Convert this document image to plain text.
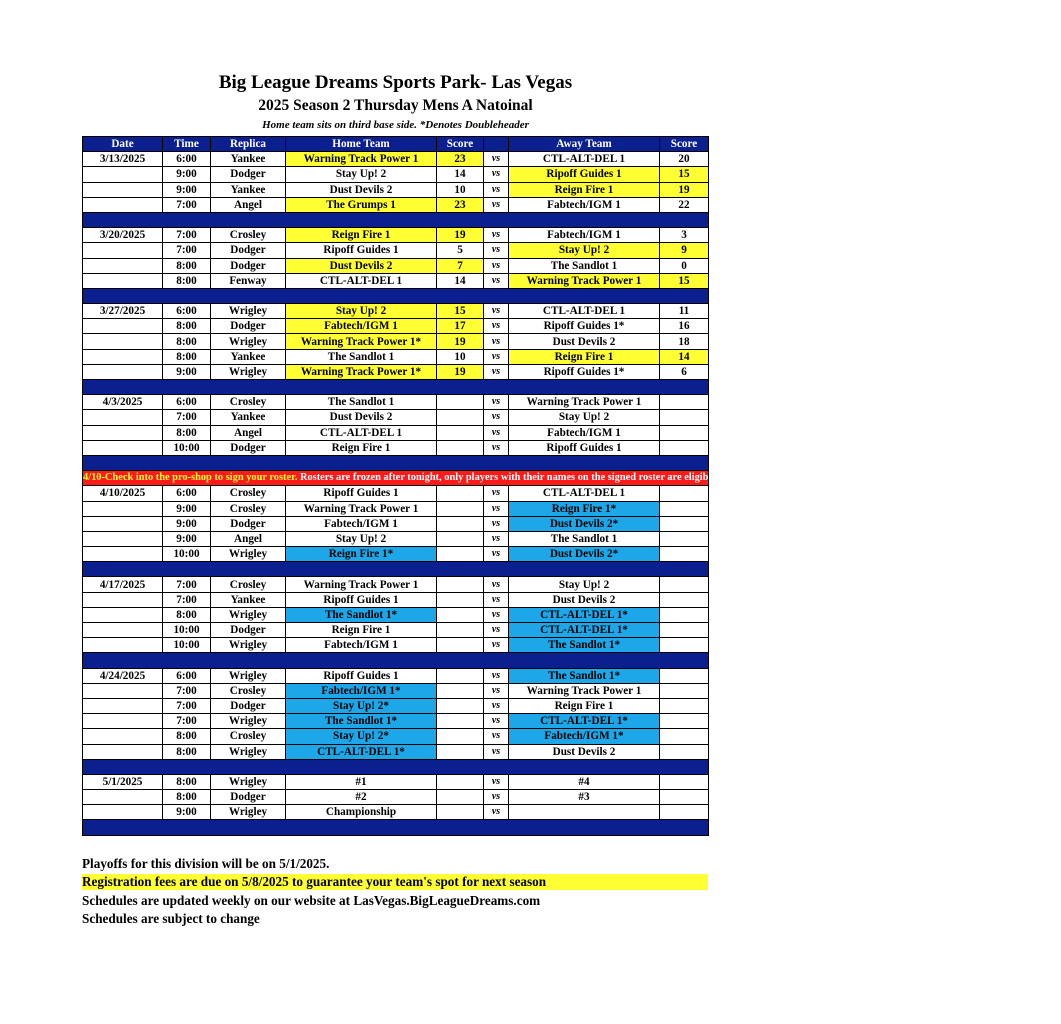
Big League Dreams Sports Park- Las Vegas
2025 Season 2 Thursday Mens A Natoinal
Home team sits on third base side. *Denotes Doubleheader
Date	Time	Replica	Home Team	Score		Away Team	Score
3/13/2025	6:00	Yankee	Warning Track Power 1	23	vs	CTL-ALT-DEL 1	20
	9:00	Dodger	Stay Up! 2	14	vs	Ripoff Guides 1	15
	9:00	Yankee	Dust Devils 2	10	vs	Reign Fire 1	19
	7:00	Angel	The Grumps 1	23	vs	Fabtech/IGM 1	22

3/20/2025	7:00	Crosley	Reign Fire 1	19	vs	Fabtech/IGM 1	3
	7:00	Dodger	Ripoff Guides 1	5	vs	Stay Up! 2	9
	8:00	Dodger	Dust Devils 2	7	vs	The Sandlot 1	0
	8:00	Fenway	CTL-ALT-DEL 1	14	vs	Warning Track Power 1	15

3/27/2025	6:00	Wrigley	Stay Up! 2	15	vs	CTL-ALT-DEL 1	11
	8:00	Dodger	Fabtech/IGM 1	17	vs	Ripoff Guides 1*	16
	8:00	Wrigley	Warning Track Power 1*	19	vs	Dust Devils 2	18
	8:00	Yankee	The Sandlot 1	10	vs	Reign Fire 1	14
	9:00	Wrigley	Warning Track Power 1*	19	vs	Ripoff Guides 1*	6

4/3/2025	6:00	Crosley	The Sandlot 1		vs	Warning Track Power 1	
	7:00	Yankee	Dust Devils 2		vs	Stay Up! 2	
	8:00	Angel	CTL-ALT-DEL 1		vs	Fabtech/IGM 1	
	10:00	Dodger	Reign Fire 1		vs	Ripoff Guides 1	

4/10-Check into the pro-shop to sign your roster. Rosters are frozen after tonight, only players with their names on the signed roster are eligible for playoffs. Please check carefully as changes will not be made for omissions.							
4/10/2025	6:00	Crosley	Ripoff Guides 1		vs	CTL-ALT-DEL 1	
	9:00	Crosley	Warning Track Power 1		vs	Reign Fire 1*	
	9:00	Dodger	Fabtech/IGM 1		vs	Dust Devils 2*	
	9:00	Angel	Stay Up! 2		vs	The Sandlot 1	
	10:00	Wrigley	Reign Fire 1*		vs	Dust Devils 2*	

4/17/2025	7:00	Crosley	Warning Track Power 1		vs	Stay Up! 2	
	7:00	Yankee	Ripoff Guides 1		vs	Dust Devils 2	
	8:00	Wrigley	The Sandlot 1*		vs	CTL-ALT-DEL 1*	
	10:00	Dodger	Reign Fire 1		vs	CTL-ALT-DEL 1*	
	10:00	Wrigley	Fabtech/IGM 1		vs	The Sandlot 1*	

4/24/2025	6:00	Wrigley	Ripoff Guides 1		vs	The Sandlot 1*	
	7:00	Crosley	Fabtech/IGM 1*		vs	Warning Track Power 1	
	7:00	Dodger	Stay Up! 2*		vs	Reign Fire 1	
	7:00	Wrigley	The Sandlot 1*		vs	CTL-ALT-DEL 1*	
	8:00	Crosley	Stay Up! 2*		vs	Fabtech/IGM 1*	
	8:00	Wrigley	CTL-ALT-DEL 1*		vs	Dust Devils 2	

5/1/2025	8:00	Wrigley	#1		vs	#4	
	8:00	Dodger	#2		vs	#3	
	9:00	Wrigley	Championship		vs		

Playoffs for this division will be on 5/1/2025.
Registration fees are due on 5/8/2025 to guarantee your team's spot for next season
Schedules are updated weekly on our website at LasVegas.BigLeagueDreams.com
Schedules are subject to change
